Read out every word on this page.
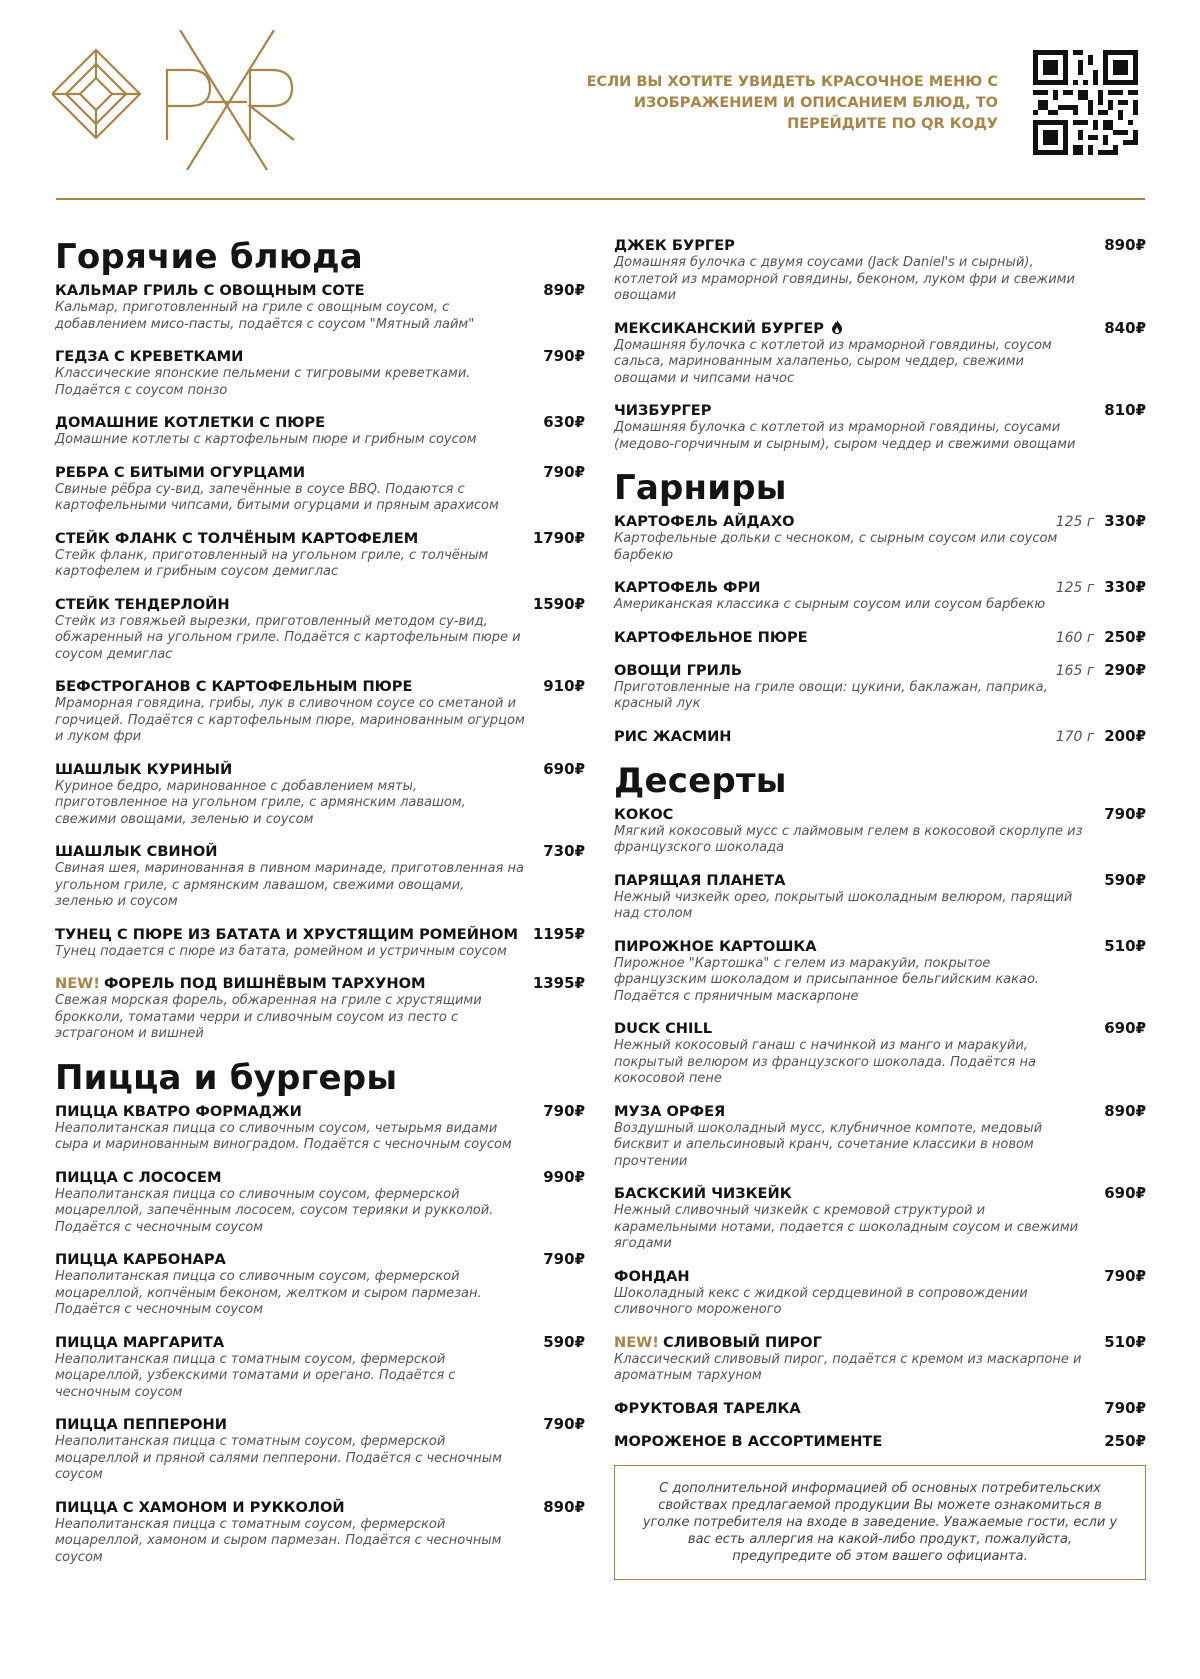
ЕСЛИ ВЫ ХОТИТЕ УВИДЕТЬ КРАСОЧНОЕ МЕНЮ С ИЗОБРАЖЕНИЕМ И ОПИСАНИЕМ БЛЮД, ТО ПЕРЕЙДИТЕ ПО QR КОДУ
Горячие блюда
КАЛЬМАР ГРИЛЬ С ОВОЩНЫМ СОТЕ	890 ₽
Кальмар, приготовленный на гриле с овощным соусом, с добавлением мисо-пасты, подаётся с соусом "Мятный лайм"
ГЕДЗА С КРЕВЕТКАМИ	790 ₽
Классические японские пельмени с тигровыми креветками. Подаётся с соусом понзо
ДОМАШНИЕ КОТЛЕТКИ С ПЮРЕ	630 ₽
Домашние котлеты с картофельным пюре и грибным соусом
РЕБРА С БИТЫМИ ОГУРЦАМИ	790 ₽
Свиные рёбра су-вид, запечённые в соусе BBQ. Подаются с картофельными чипсами, битыми огурцами и пряным арахисом
СТЕЙК ФЛАНК С ТОЛЧЁНЫМ КАРТОФЕЛЕМ	1790 ₽
Стейк фланк, приготовленный на угольном гриле, с толчёным картофелем и грибным соусом демиглас
СТЕЙК ТЕНДЕРЛОЙН	1590 ₽
Стейк из говяжьей вырезки, приготовленный методом су-вид, обжаренный на угольном грилe. Подаётся с картофельным пюре и соусом демиглас
БЕФСТРОГАНОВ С КАРТОФЕЛЬНЫМ ПЮРЕ	910 ₽
Мраморная говядина, грибы, лук в сливочном соусе со сметаной и горчицей. Подаётся с картофельным пюре, маринованным огурцом и луком фри
ШАШЛЫК КУРИНЫЙ	690 ₽
Куриное бедро, маринованное с добавлением мяты, приготовленное на угольном гриле, с армянским лавашом, свежими овощами, зеленью и соусом
ШАШЛЫК СВИНОЙ	730 ₽
Свиная шея, маринованная в пивном маринаде, приготовленная на угольном гриле, с армянским лавашом, свежими овощами, зеленью и соусом
ТУНЕЦ С ПЮРЕ ИЗ БАТАТА И ХРУСТЯЩИМ РОМЕЙНОМ 1195 ₽
Тунец подается с пюре из батата, ромейном и устричным соусом
NEW! ФОРЕЛЬ ПОД ВИШНЁВЫМ ТАРХУНОМ	1395 ₽
Свежая морская форель, обжаренная на гриле с хрустящими брокколи, томатами черри и сливочным соусом из песто с эстрагоном и вишней
Пицца и бургеры
ПИЦЦА КВАТРО ФОРМАДЖИ	790 ₽
Неаполитанская пицца со сливочным соусом, четырьмя видами сыра и маринованным виноградом. Подаётся с чесночным соусом
ПИЦЦА С ЛОСОСЕМ	990 ₽
Неаполитанская пицца со сливочным соусом, фермерской моцареллой, запечённым лососем, соусом терияки и рукколой. Подаётся с чесночным соусом
ПИЦЦА КАРБОНАРА	790 ₽
Неаполитанская пицца со сливочным соусом, фермерской моцареллой, копчёным беконом, желтком и сыром пармезан. Подаётся с чесночным соусом
ПИЦЦА МАРГАРИТА	590 ₽
Неаполитанская пицца с томатным соусом, фермерской моцареллой, узбекскими томатами и орегано. Подаётся с чесночным соусом
ПИЦЦА ПЕППЕРОНИ	790 ₽
Неаполитанская пицца с томатным соусом, фермерской моцареллой и пряной салями пепперони. Подаётся с чесночным соусом
ПИЦЦА С ХАМОНОМ И РУККОЛОЙ	890 ₽
Неаполитанская пицца с томатным соусом, фермерской моцареллой, хамоном и сыром пармезан. Подаётся с чесночным соусом
ДЖЕК БУРГЕР	890 ₽
Домашняя булочка с двумя соусами (Jack Daniel's и сырный), котлетой из мраморной говядины, беконом, луком фри и свежими овощами
МЕКСИКАНСКИЙ БУРГЕР	840 ₽
Домашняя булочка с котлетой из мраморной говядины, соусом сальса, маринованным халапеньо, сыром чеддер, свежими овощами и чипсами начос
ЧИЗБУРГЕР	810 ₽
Домашняя булочка с котлетой из мраморной говядины, соусами (медово-горчичным и сырным), сыром чеддер и свежими овощами
Гарниры
КАРТОФЕЛЬ АЙДАХО	125 г 330 ₽
Картофельные дольки с чесноком, с сырным соусом или соусом барбекю
КАРТОФЕЛЬ ФРИ	125 г 330 ₽
Американская классика с сырным соусом или соусом барбекю
КАРТОФЕЛЬНОЕ ПЮРЕ	160 г 250 ₽
ОВОЩИ ГРИЛЬ	165 г 290 ₽
Приготовленные на гриле овощи: цукини, баклажан, паприка, красный лук
РИС ЖАСМИН	170 г 200 ₽
Десерты
КОКОС	790 ₽
Мягкий кокосовый мусс с лаймовым гелем в кокосовой скорлупе из французского шоколада
ПАРЯЩАЯ ПЛАНЕТА	590 ₽
Нежный чизкейк орео, покрытый шоколадным велюром, парящий над столом
ПИРОЖНОЕ КАРТОШКА	510 ₽
Пирожное "Картошка" с гелем из маракуйи, покрытое французским шоколадом и присыпанное бельгийским какао. Подаётся с пряничным маскарпоне
DUCK CHILL	690 ₽
Нежный кокосовый ганаш с начинкой из манго и маракуйи, покрытый велюром из французского шоколада. Подаётся на кокосовой пене
МУЗА ОРФЕЯ	890 ₽
Воздушный шоколадный мусс, клубничное компоте, медовый бисквит и апельсиновый кранч, сочетание классики в новом прочтении
БАСКСКИЙ ЧИЗКЕЙК	690 ₽
Нежный сливочный чизкейк с кремовой структурой и карамельными нотами, подается с шоколадным соусом и свежими ягодами
ФОНДАН	790 ₽
Шоколадный кекс с жидкой сердцевиной в сопровождении сливочного мороженого
NEW! СЛИВОВЫЙ ПИРОГ	510 ₽
Классический сливовый пирог, подаётся с кремом из маскарпоне и ароматным тархуном
ФРУКТОВАЯ ТАРЕЛКА	790 ₽
МОРОЖЕНОЕ В АССОРТИМЕНТЕ	250 ₽
С дополнительной информацией об основных потребительских свойствах предлагаемой продукции Вы можете ознакомиться в уголке потребителя на входе в заведение. Уважаемые гости, если у вас есть аллергия на какой-либо продукт, пожалуйста, предупредите об этом вашего официанта.
